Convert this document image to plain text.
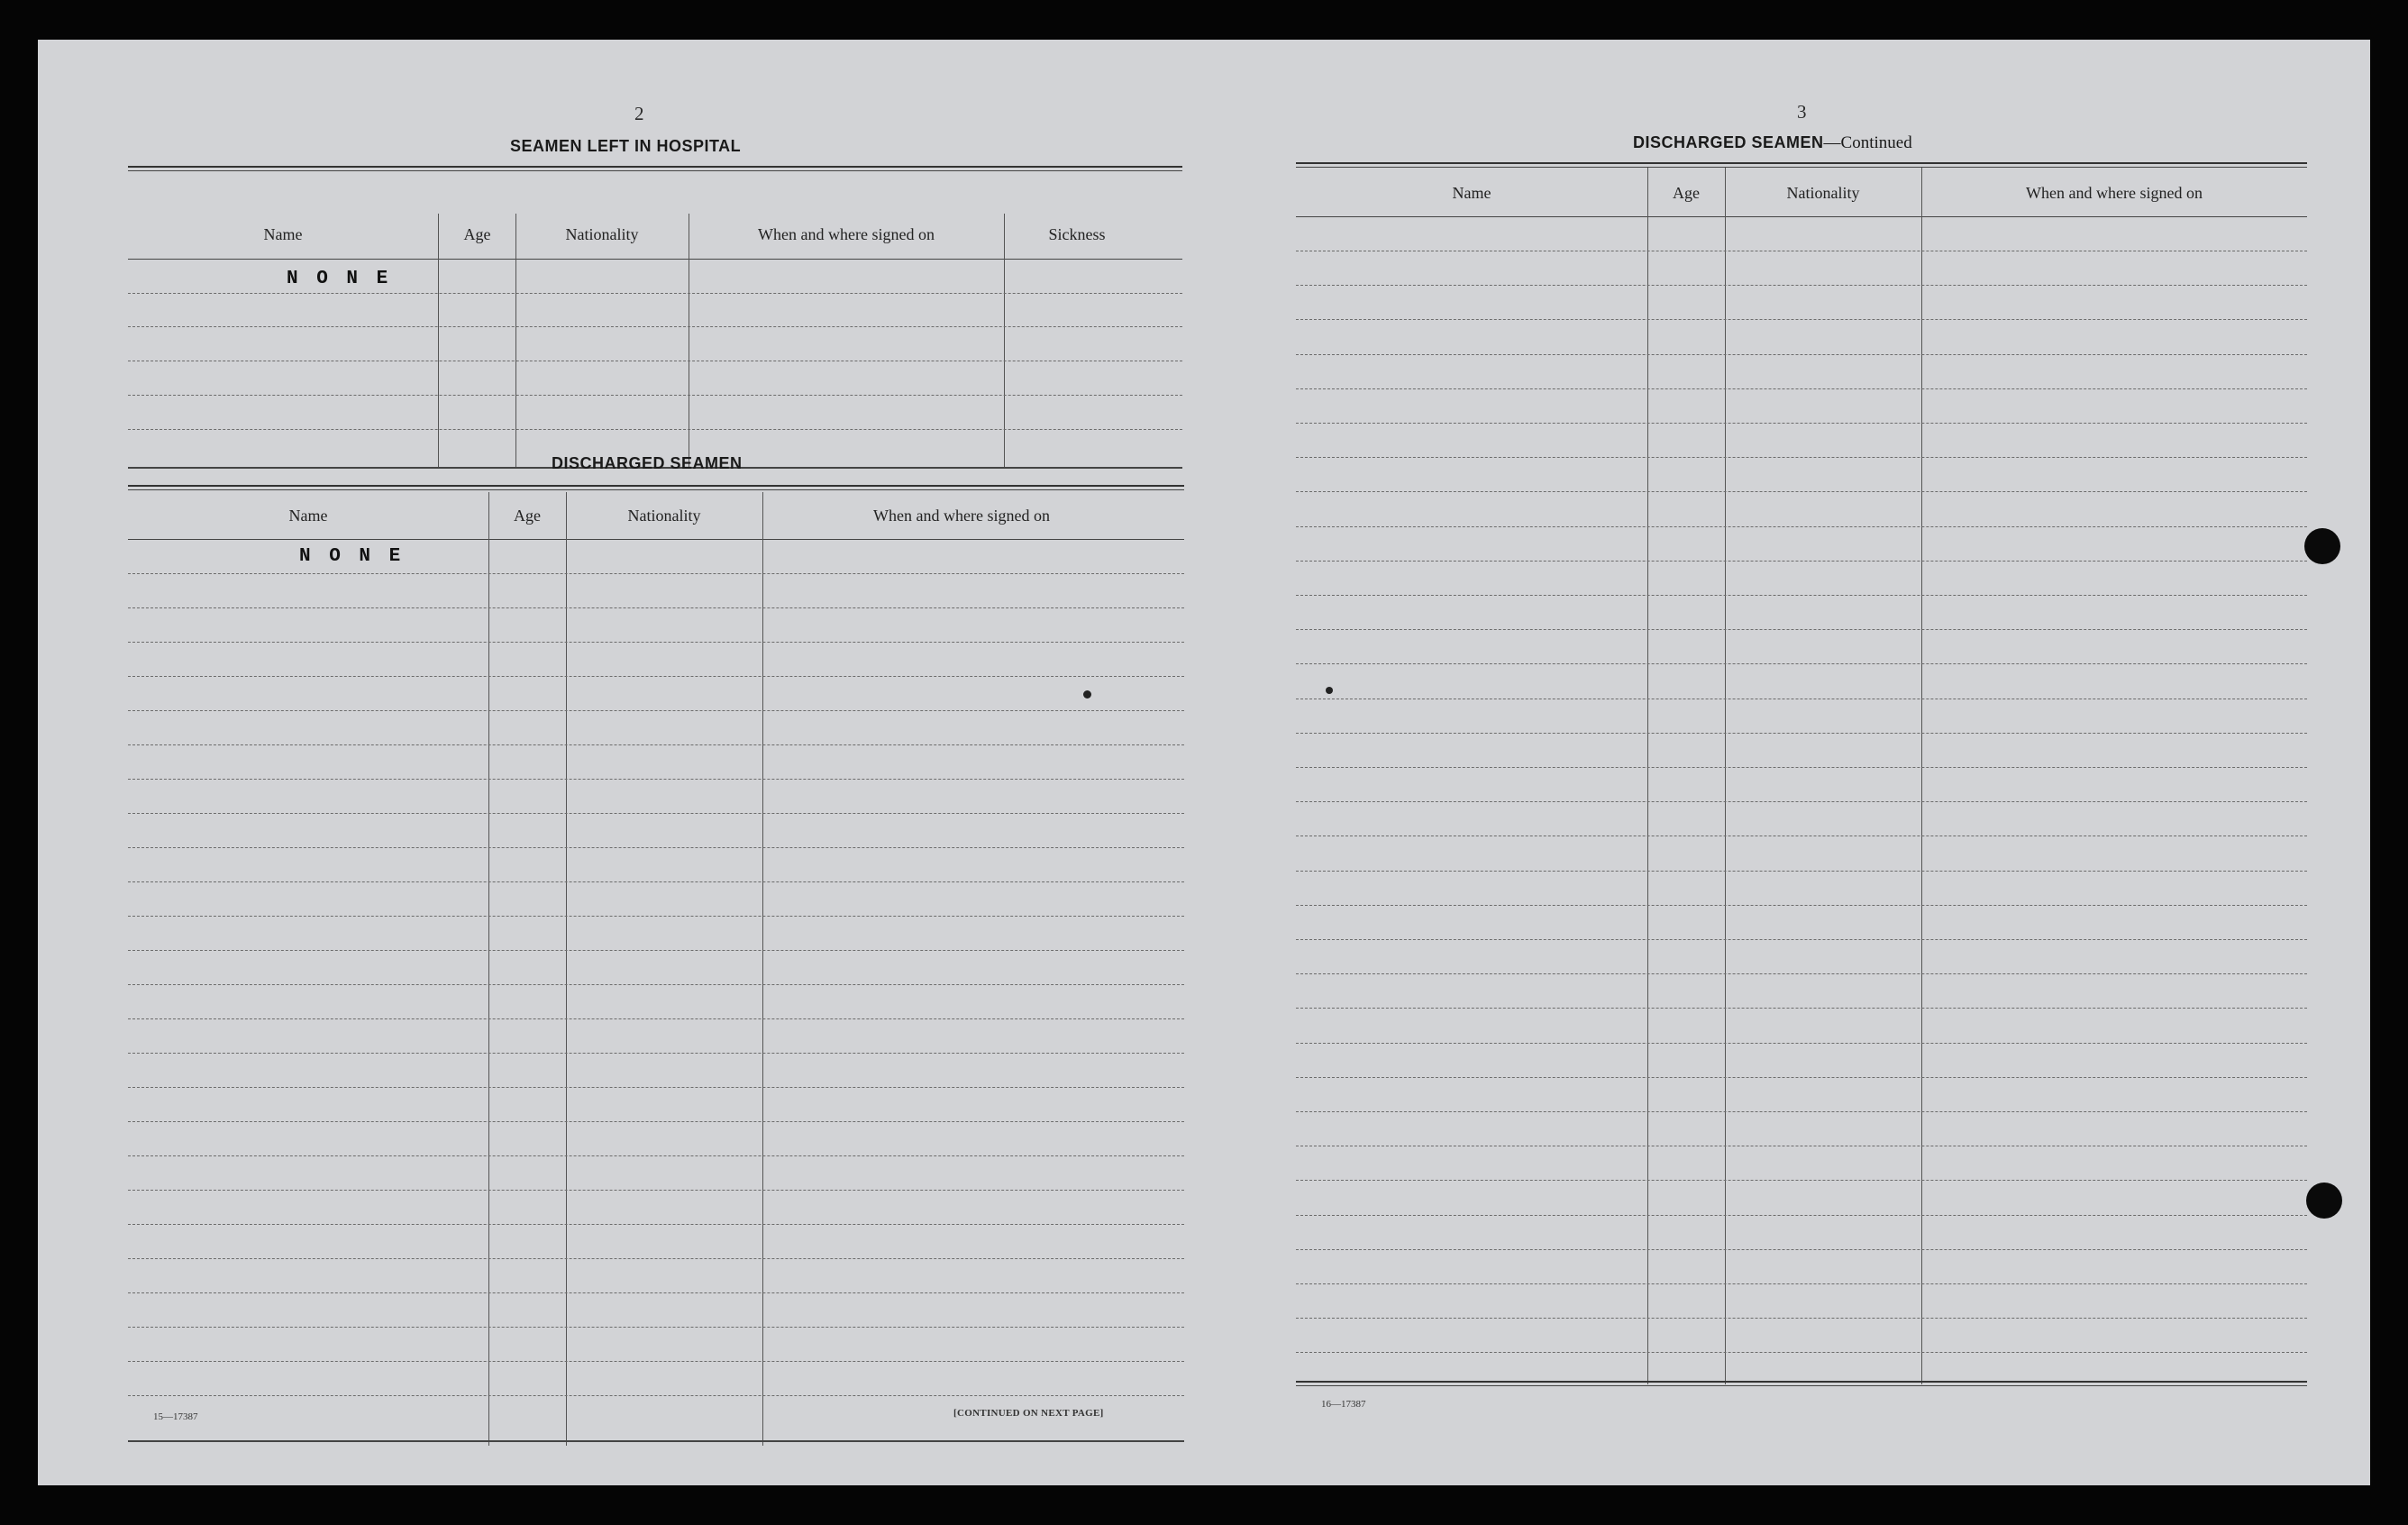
2
SEAMEN LEFT IN HOSPITAL
Name	Age	Nationality	When and where signed on	Sickness
N O N E
DISCHARGED SEAMEN
Name	Age	Nationality	When and where signed on
N O N E
15—17387	[CONTINUED ON NEXT PAGE]
3
DISCHARGED SEAMEN—Continued
Name	Age	Nationality	When and where signed on
16—17387
